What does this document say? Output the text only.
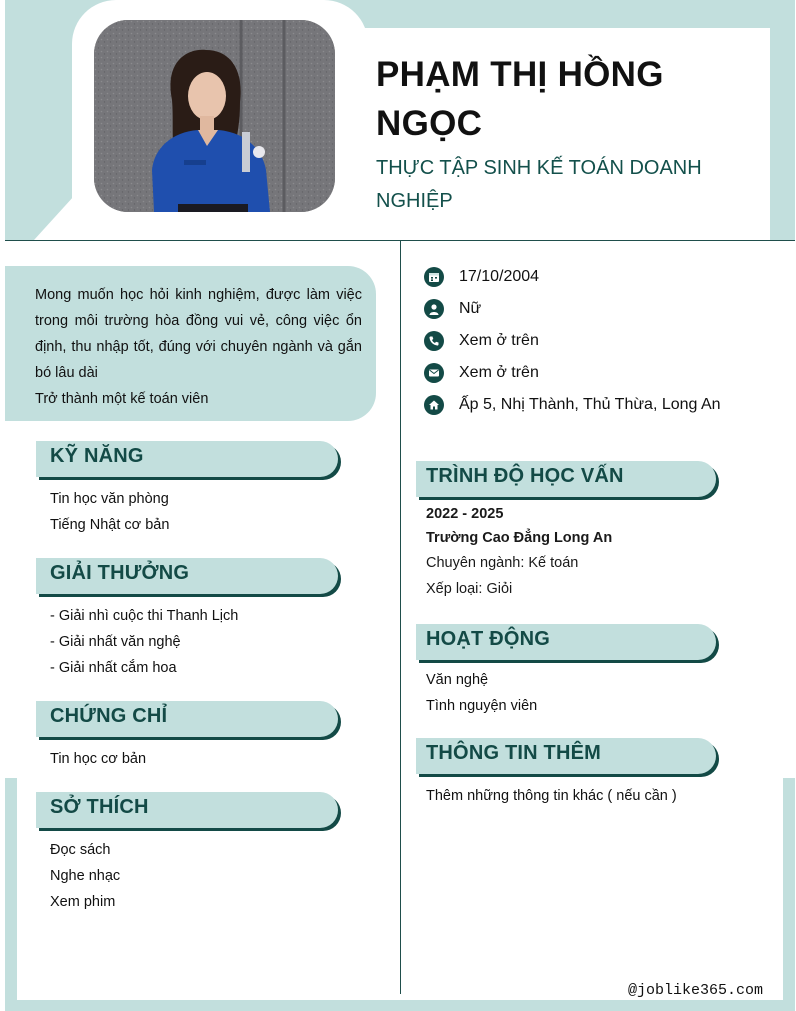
PHẠM THỊ HỒNG NGỌC
THỰC TẬP SINH KẾ TOÁN DOANH NGHIỆP
Mong muốn học hỏi kinh nghiệm, được làm việc trong môi trường hòa đồng vui vẻ, công việc ổn định, thu nhập tốt, đúng với chuyên ngành và gắn bó lâu dài
Trở thành một kế toán viên
17/10/2004
Nữ
Xem ở trên
Xem ở trên
Ấp 5, Nhị Thành, Thủ Thừa, Long An
KỸ NĂNG
Tin học văn phòng
Tiếng Nhật cơ bản
GIẢI THƯỞNG
- Giải nhì cuộc thi Thanh Lịch
- Giải nhất văn nghệ
- Giải nhất cắm hoa
CHỨNG CHỈ
Tin học cơ bản
SỞ THÍCH
Đọc sách
Nghe nhạc
Xem phim
TRÌNH ĐỘ HỌC VẤN
2022 - 2025
Trường Cao Đẳng Long An
Chuyên ngành: Kế toán
Xếp loại: Giỏi
HOẠT ĐỘNG
Văn nghệ
Tình nguyện viên
THÔNG TIN THÊM
Thêm những thông tin khác ( nếu cần )
@joblike365.com
